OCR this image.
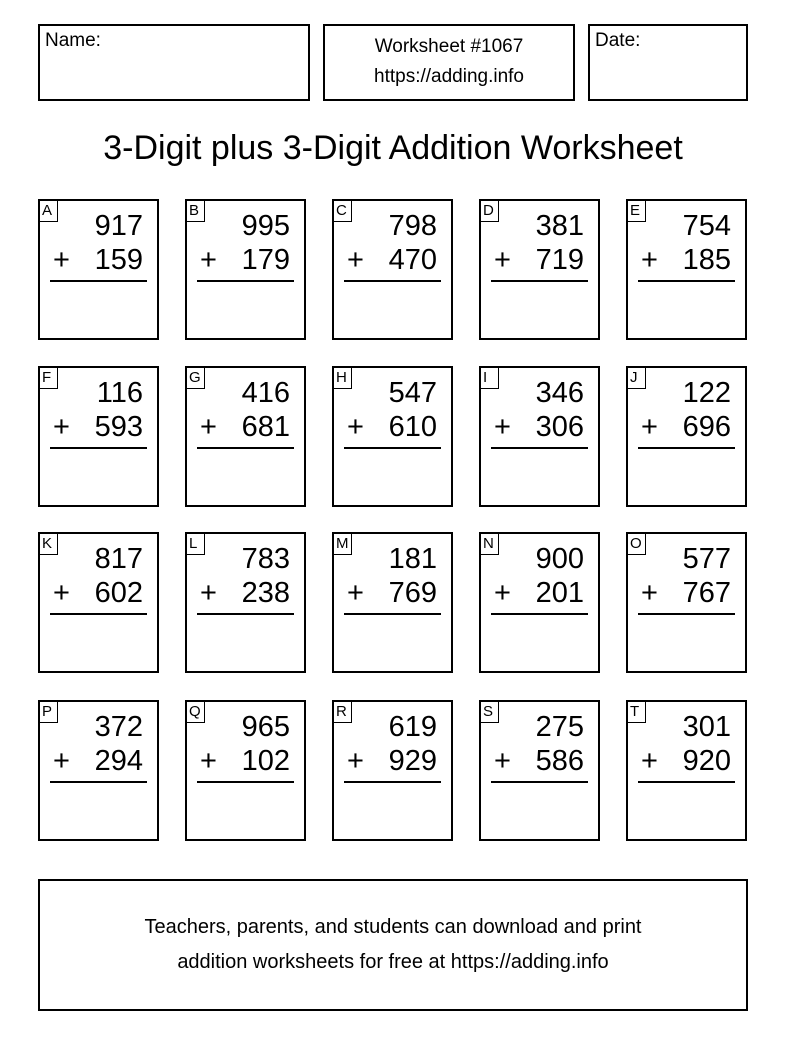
Name:	Worksheet #1067
https://adding.info
Date:
3-Digit plus 3-Digit Addition Worksheet
A 917
+ 159
B 995
+ 179
C 798
+ 470
D 381
+ 719
E 754
+ 185
F 116
+ 593
G 416
+ 681
H 547
+ 610
I	346
+ 306
J 122
+ 696
K 817
+ 602
L 783
+ 238
M 181
+ 769
N 900
+ 201
O 577
+ 767
P 372
+ 294
Q 965
+ 102
R 619
+ 929
S 275
+ 586
T 301
+ 920
Teachers, parents, and students can download and print
addition worksheets for free at https://adding.info
